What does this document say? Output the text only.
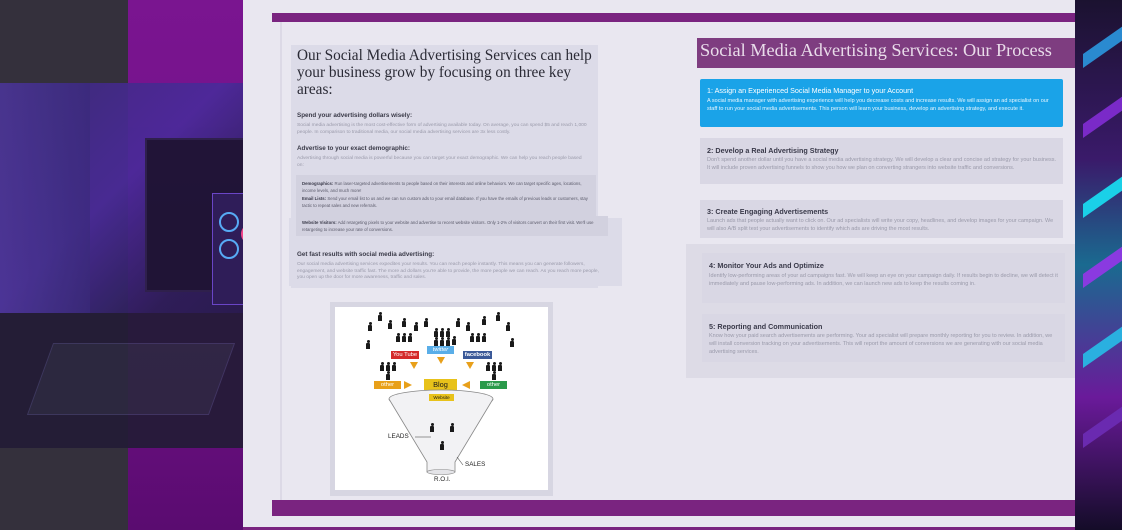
Our Social Media Advertising Services can help your business grow by focusing on three key areas:
Spend your advertising dollars wisely:
Social media advertising is the most cost-effective form of advertising available today. On average, you can spend $5 and reach 1,000 people. In comparison to traditional media, our social media advertising services are 3x less costly.
Advertise to your exact demographic:
Advertising through social media is powerful because you can target your exact demographic. We can help you reach people based on:
Demographics: Run laser-targeted advertisements to people based on their interests and online behaviors. We can target specific ages, locations, income levels, and much more!
Email Lists: Send your email list to us and we can run custom ads to your email database. If you have the emails of previous leads or customers, stay tactic to repeat sales and new referrals.
Website Visitors: Add retargeting pixels to your website and advertise to recent website visitors. Only 1-2% of visitors convert on their first visit. We'll use retargeting to increase your rate of conversions.
Get fast results with social media advertising:
Our social media advertising services expedites your results. You can reach people instantly. This means you can generate followers, engagement, and website traffic fast. The more ad dollars you're able to provide, the more people we can reach. As you reach more people, you open up the door for more awareness, traffic and sales.
You Tube
twitter
facebook
other	Blog	other
Website
LEADS
SALES
R.O.I.
Social Media Advertising Services: Our Process
1: Assign an Experienced Social Media Manager to your Account
A social media manager with advertising experience will help you decrease costs and increase results. We will assign an ad specialist on our staff to run your social media advertisements. This person will learn your business, develop an advertising strategy, and execute it.
2: Develop a Real Advertising Strategy
Don't spend another dollar until you have a social media advertising strategy. We will develop a clear and concise ad strategy for your business. It will include proven advertising funnels to show you how we plan on converting strangers into website traffic and conversions.
3: Create Engaging Advertisements
Launch ads that people actually want to click on. Our ad specialists will write your copy, headlines, and develop images for your campaign. We will also A/B split test your advertisements to identify which ads are driving the most results.
4: Monitor Your Ads and Optimize
Identify low-performing areas of your ad campaigns fast. We will keep an eye on your campaign daily. If results begin to decline, we will detect it immediately and pause low-performing ads. In addition, we can launch new ads to keep the results coming in.
5: Reporting and Communication
Know how your paid search advertisements are performing. Your ad specialist will prepare monthly reporting for you to review. In addition, we will install conversion tracking on your advertisements. This will report the amount of conversions we are generating with our social media advertising services.
